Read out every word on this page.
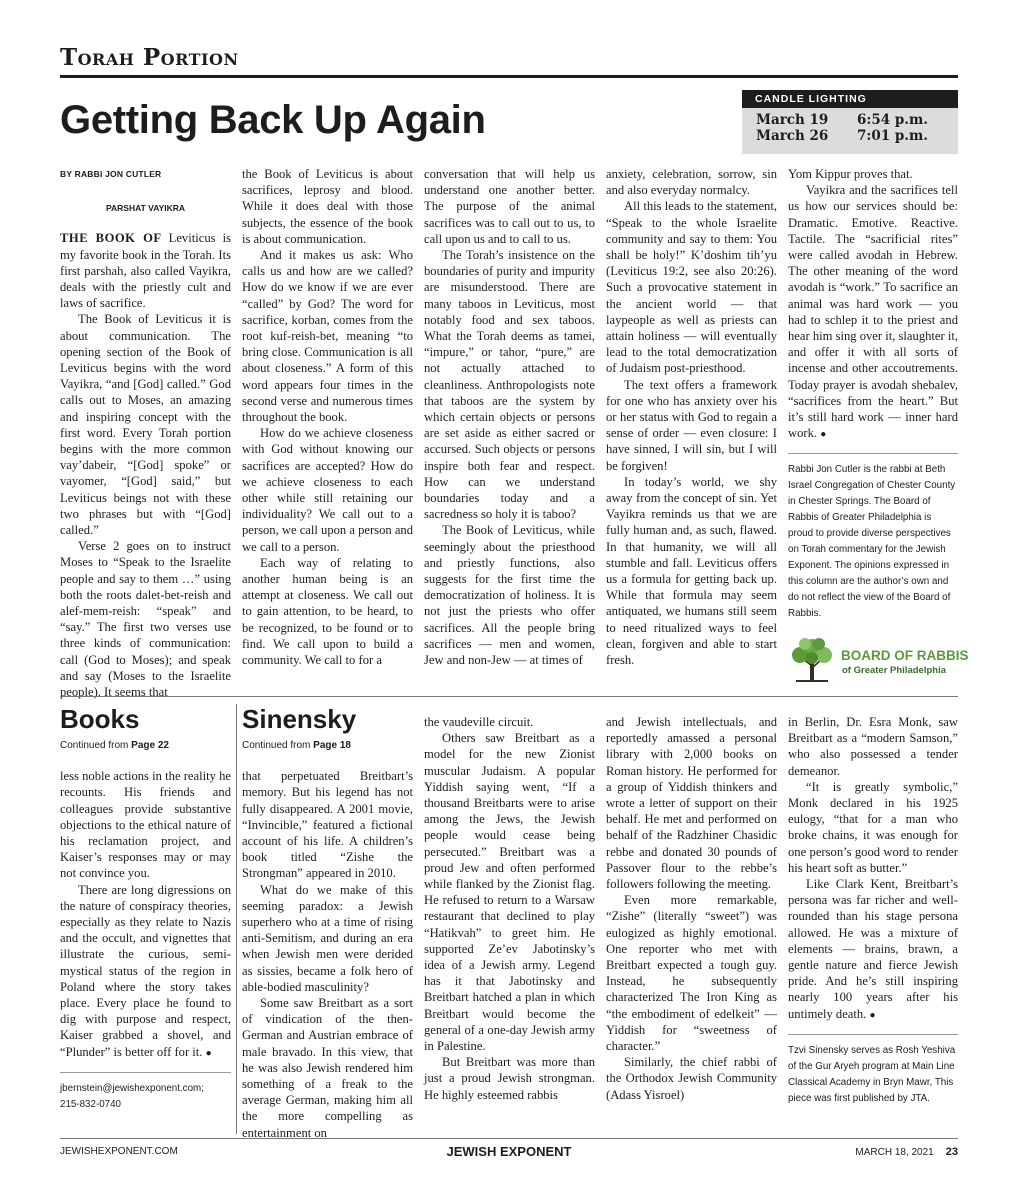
Torah Portion
Getting Back Up Again	CANDLE LIGHTING
March 19 6:54 p.m.
March 26 7:01 p.m.
BY RABBI JON CUTLER
PARSHAT VAYIKRA

THE BOOK OF Leviticus is my favorite book in the Torah. Its first parshah, also called Vayikra, deals with the priestly cult and laws of sacrifice.

The Book of Leviticus it is about communication. The opening section of the Book of Leviticus begins with the word Vayikra, “and [God] called.” God calls out to Moses, an amazing and inspiring concept with the first word. Every Torah portion begins with the more common vay’dabeir, “[God] spoke” or vayomer, “[God] said,” but Leviticus beings not with these two phrases but with “[God] called.”

Verse 2 goes on to instruct Moses to “Speak to the Israelite people and say to them …” using both the roots dalet-bet-reish and alef-mem-reish: “speak” and “say.” The first two verses use three kinds of communication: call (God to Moses); and speak and say (Moses to the Israelite people). It seems that

the Book of Leviticus is about sacrifices, leprosy and blood. While it does deal with those subjects, the essence of the book is about communication.

And it makes us ask: Who calls us and how are we called? How do we know if we are ever “called” by God? The word for sacrifice, korban, comes from the root kuf-reish-bet, meaning “to bring close. Communication is all about closeness.” A form of this word appears four times in the second verse and numerous times throughout the book.

How do we achieve closeness with God without knowing our sacrifices are accepted? How do we achieve closeness to each other while still retaining our individuality? We call out to a person, we call upon a person and we call to a person.

Each way of relating to another human being is an attempt at closeness. We call out to gain attention, to be heard, to be recognized, to be found or to find. We call upon to build a community. We call to for a

conversation that will help us understand one another better. The purpose of the animal sacrifices was to call out to us, to call upon us and to call to us.

The Torah’s insistence on the boundaries of purity and impurity are misunderstood. There are many taboos in Leviticus, most notably food and sex taboos. What the Torah deems as tamei, “impure,” or tahor, “pure,” are not actually attached to cleanliness. Anthropologists note that taboos are the system by which certain objects or persons are set aside as either sacred or accursed. Such objects or persons inspire both fear and respect. How can we understand boundaries today and a sacredness so holy it is taboo?

The Book of Leviticus, while seemingly about the priesthood and priestly functions, also suggests for the first time the democratization of holiness. It is not just the priests who offer sacrifices. All the people bring sacrifices — men and women, Jew and non-Jew — at times of

anxiety, celebration, sorrow, sin and also everyday normalcy.

All this leads to the statement, “Speak to the whole Israelite community and say to them: You shall be holy!” K’doshim tih’yu (Leviticus 19:2, see also 20:26). Such a provocative statement in the ancient world — that laypeople as well as priests can attain holiness — will eventually lead to the total democratization of Judaism post-priesthood.

The text offers a framework for one who has anxiety over his or her status with God to regain a sense of order — even closure: I have sinned, I will sin, but I will be forgiven!

In today’s world, we shy away from the concept of sin. Yet Vayikra reminds us that we are fully human and, as such, flawed. In that humanity, we will all stumble and fall. Leviticus offers us a formula for getting back up. While that formula may seem antiquated, we humans still seem to need ritualized ways to feel clean, forgiven and able to start fresh.

Yom Kippur proves that.

Vayikra and the sacrifices tell us how our services should be: Dramatic. Emotive. Reactive. Tactile. The “sacrificial rites” were called avodah in Hebrew. The other meaning of the word avodah is “work.” To sacrifice an animal was hard work — you had to schlep it to the priest and hear him sing over it, slaughter it, and offer it with all sorts of incense and other accoutrements. Today prayer is avodah shebalev, “sacrifices from the heart.” But it’s still hard work — inner hard work. ●

Rabbi Jon Cutler is the rabbi at Beth Israel Congregation of Chester County in Chester Springs. The Board of Rabbis of Greater Philadelphia is proud to provide diverse perspectives on Torah commentary for the Jewish Exponent. The opinions expressed in this column are the author’s own and do not reflect the view of the Board of Rabbis.
BOARD OF RABBIS
of Greater Philadelphia
Books
Continued from Page 22

less noble actions in the reality he recounts. His friends and colleagues provide substantive objections to the ethical nature of his reclamation project, and Kaiser’s responses may or may not convince you.

There are long digressions on the nature of conspiracy theories, especially as they relate to Nazis and the occult, and vignettes that illustrate the curious, semi-mystical status of the region in Poland where the story takes place. Every place he found to dig with purpose and respect, Kaiser grabbed a shovel, and “Plunder” is better off for it. ●

jbernstein@jewishexponent.com;
215-832-0740
Sinensky
Continued from Page 18

that perpetuated Breitbart’s memory. But his legend has not fully disappeared. A 2001 movie, “Invincible,” featured a fictional account of his life. A children’s book titled “Zishe the Strongman” appeared in 2010.

What do we make of this seeming paradox: a Jewish superhero who at a time of rising anti-Semitism, and during an era when Jewish men were derided as sissies, became a folk hero of able-bodied masculinity?

Some saw Breitbart as a sort of vindication of the then-German and Austrian embrace of male bravado. In this view, that he was also Jewish rendered him something of a freak to the average German, making him all the more compelling as entertainment on

the vaudeville circuit.

Others saw Breitbart as a model for the new Zionist muscular Judaism. A popular Yiddish saying went, “If a thousand Breitbarts were to arise among the Jews, the Jewish people would cease being persecuted.” Breitbart was a proud Jew and often performed while flanked by the Zionist flag. He refused to return to a Warsaw restaurant that declined to play “Hatikvah” to greet him. He supported Ze’ev Jabotinsky’s idea of a Jewish army. Legend has it that Jabotinsky and Breitbart hatched a plan in which Breitbart would become the general of a one-day Jewish army in Palestine.

But Breitbart was more than just a proud Jewish strongman. He highly esteemed rabbis

and Jewish intellectuals, and reportedly amassed a personal library with 2,000 books on Roman history. He performed for a group of Yiddish thinkers and wrote a letter of support on their behalf. He met and performed on behalf of the Radzhiner Chasidic rebbe and donated 30 pounds of Passover flour to the rebbe’s followers following the meeting.

Even more remarkable, “Zishe” (literally “sweet”) was eulogized as highly emotional. One reporter who met with Breitbart expected a tough guy. Instead, he subsequently characterized The Iron King as “the embodiment of edelkeit” — Yiddish for “sweetness of character.”

Similarly, the chief rabbi of the Orthodox Jewish Community (Adass Yisroel)

in Berlin, Dr. Esra Monk, saw Breitbart as a “modern Samson,” who also possessed a tender demeanor.

“It is greatly symbolic,” Monk declared in his 1925 eulogy, “that for a man who broke chains, it was enough for one person’s good word to render his heart soft as butter.”

Like Clark Kent, Breitbart’s persona was far richer and well-rounded than his stage persona allowed. He was a mixture of elements — brains, brawn, a gentle nature and fierce Jewish pride. And he’s still inspiring nearly 100 years after his untimely death. ●

Tzvi Sinensky serves as Rosh Yeshiva of the Gur Aryeh program at Main Line Classical Academy in Bryn Mawr, This piece was first published by JTA.
JEWISHEXPONENT.COM	JEWISH EXPONENT	MARCH 18, 2021 23
